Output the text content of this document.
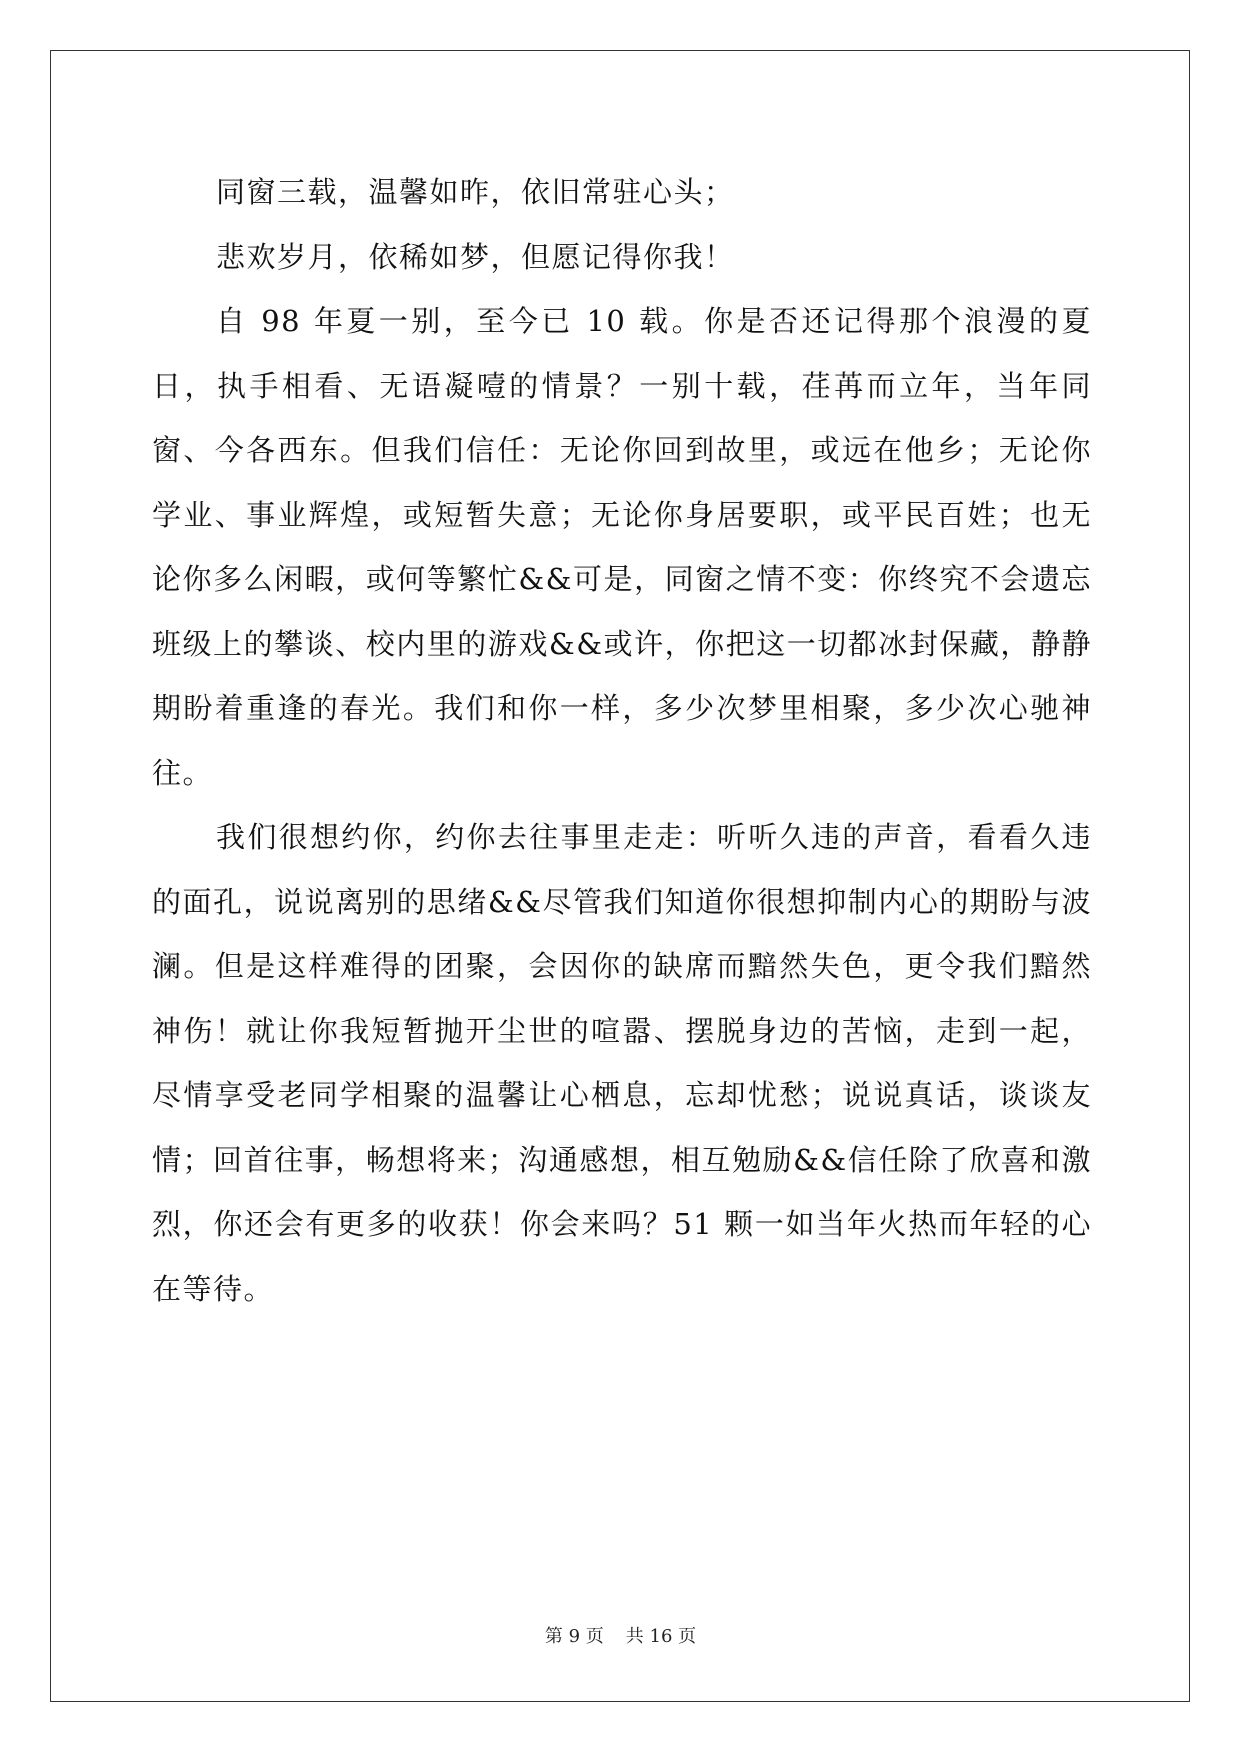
同窗三载，温馨如昨，依旧常驻心头；

悲欢岁月，依稀如梦，但愿记得你我！

自 98 年夏一别，至今已 10 载。你是否还记得那个浪漫的夏日，执手相看、无语凝噎的情景？一别十载，荏苒而立年，当年同窗、今各西东。但我们信任：无论你回到故里，或远在他乡；无论你学业、事业辉煌，或短暂失意；无论你身居要职，或平民百姓；也无论你多么闲暇，或何等繁忙&&可是，同窗之情不变：你终究不会遗忘班级上的攀谈、校内里的游戏&&或许，你把这一切都冰封保藏，静静期盼着重逢的春光。我们和你一样，多少次梦里相聚，多少次心驰神往。

我们很想约你，约你去往事里走走：听听久违的声音，看看久违的面孔，说说离别的思绪&&尽管我们知道你很想抑制内心的期盼与波澜。但是这样难得的团聚，会因你的缺席而黯然失色，更令我们黯然神伤！就让你我短暂抛开尘世的喧嚣、摆脱身边的苦恼，走到一起，尽情享受老同学相聚的温馨让心栖息，忘却忧愁；说说真话，谈谈友情；回首往事，畅想将来；沟通感想，相互勉励&&信任除了欣喜和激烈，你还会有更多的收获！你会来吗？51 颗一如当年火热而年轻的心在等待。

第 9 页 共 16 页
